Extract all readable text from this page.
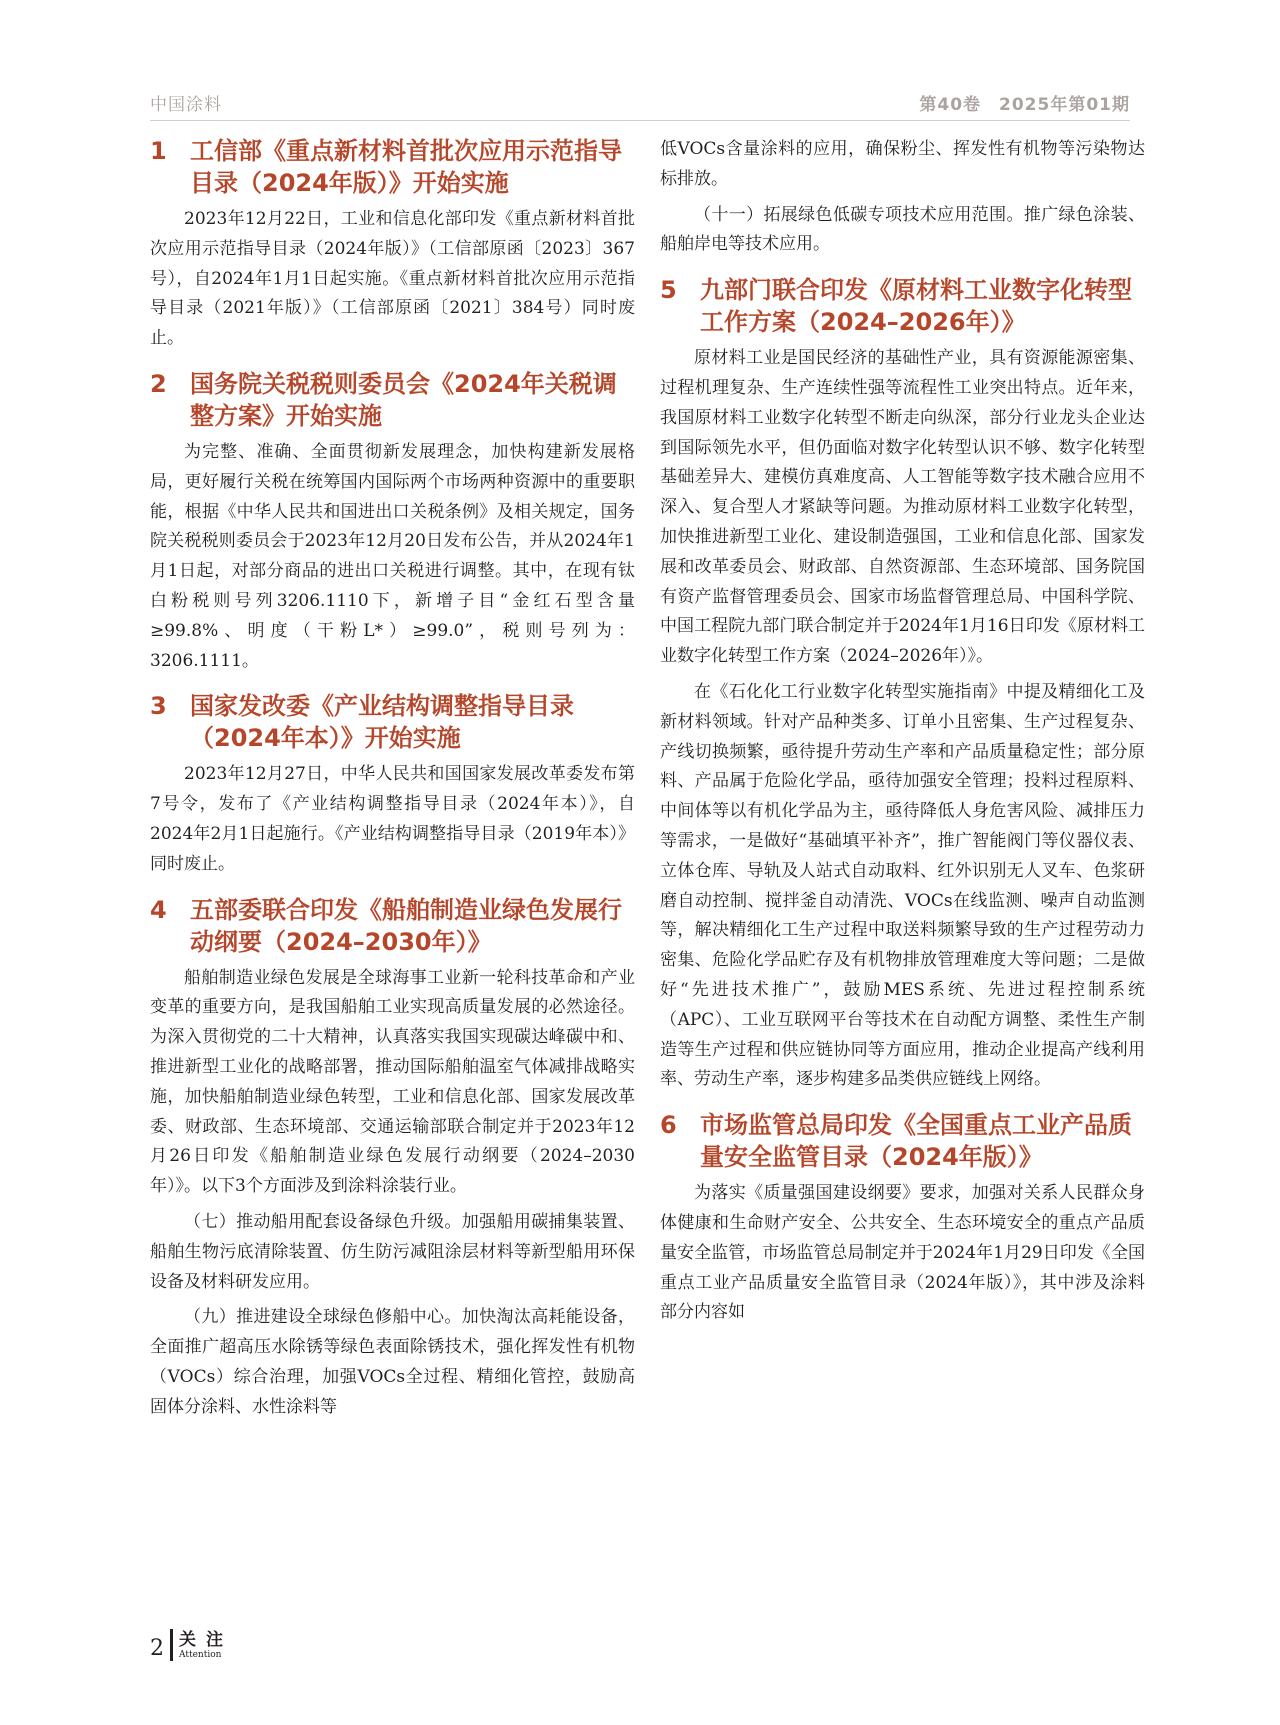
中国涂料	第40卷　2025年第01期
1 工信部《重点新材料首批次应用示范指导目录（2024年版）》开始实施

2023年12月22日，工业和信息化部印发《重点新材料首批次应用示范指导目录（2024年版）》（工信部原函〔2023〕367号），自2024年1月1日起实施。《重点新材料首批次应用示范指导目录（2021年版）》（工信部原函〔2021〕384号）同时废止。

2 国务院关税税则委员会《2024年关税调整方案》开始实施

为完整、准确、全面贯彻新发展理念，加快构建新发展格局，更好履行关税在统筹国内国际两个市场两种资源中的重要职能，根据《中华人民共和国进出口关税条例》及相关规定，国务院关税税则委员会于2023年12月20日发布公告，并从2024年1月1日起，对部分商品的进出口关税进行调整。其中，在现有钛白粉税则号列3206.1110下，新增子目“金红石型含量≥99.8%、明度（干粉L*）≥99.0”，税则号列为：3206.1111。

3 国家发改委《产业结构调整指导目录（2024年本）》开始实施

2023年12月27日，中华人民共和国国家发展改革委发布第7号令，发布了《产业结构调整指导目录（2024年本）》，自2024年2月1日起施行。《产业结构调整指导目录（2019年本）》同时废止。

4 五部委联合印发《船舶制造业绿色发展行动纲要（2024–2030年）》

船舶制造业绿色发展是全球海事工业新一轮科技革命和产业变革的重要方向，是我国船舶工业实现高质量发展的必然途径。为深入贯彻党的二十大精神，认真落实我国实现碳达峰碳中和、推进新型工业化的战略部署，推动国际船舶温室气体减排战略实施，加快船舶制造业绿色转型，工业和信息化部、国家发展改革委、财政部、生态环境部、交通运输部联合制定并于2023年12月26日印发《船舶制造业绿色发展行动纲要（2024–2030年）》。以下3个方面涉及到涂料涂装行业。

（七）推动船用配套设备绿色升级。加强船用碳捕集装置、船舶生物污底清除装置、仿生防污减阻涂层材料等新型船用环保设备及材料研发应用。

（九）推进建设全球绿色修船中心。加快淘汰高耗能设备，全面推广超高压水除锈等绿色表面除锈技术，强化挥发性有机物（VOCs）综合治理，加强VOCs全过程、精细化管控，鼓励高固体分涂料、水性涂料等

低VOCs含量涂料的应用，确保粉尘、挥发性有机物等污染物达标排放。

（十一）拓展绿色低碳专项技术应用范围。推广绿色涂装、船舶岸电等技术应用。

5 九部门联合印发《原材料工业数字化转型工作方案（2024–2026年）》

原材料工业是国民经济的基础性产业，具有资源能源密集、过程机理复杂、生产连续性强等流程性工业突出特点。近年来，我国原材料工业数字化转型不断走向纵深，部分行业龙头企业达到国际领先水平，但仍面临对数字化转型认识不够、数字化转型基础差异大、建模仿真难度高、人工智能等数字技术融合应用不深入、复合型人才紧缺等问题。为推动原材料工业数字化转型，加快推进新型工业化、建设制造强国，工业和信息化部、国家发展和改革委员会、财政部、自然资源部、生态环境部、国务院国有资产监督管理委员会、国家市场监督管理总局、中国科学院、中国工程院九部门联合制定并于2024年1月16日印发《原材料工业数字化转型工作方案（2024–2026年）》。

在《石化化工行业数字化转型实施指南》中提及精细化工及新材料领域。针对产品种类多、订单小且密集、生产过程复杂、产线切换频繁，亟待提升劳动生产率和产品质量稳定性；部分原料、产品属于危险化学品，亟待加强安全管理；投料过程原料、中间体等以有机化学品为主，亟待降低人身危害风险、减排压力等需求，一是做好“基础填平补齐”，推广智能阀门等仪器仪表、立体仓库、导轨及人站式自动取料、红外识别无人叉车、色浆研磨自动控制、搅拌釜自动清洗、VOCs在线监测、噪声自动监测等，解决精细化工生产过程中取送料频繁导致的生产过程劳动力密集、危险化学品贮存及有机物排放管理难度大等问题；二是做好“先进技术推广”，鼓励MES系统、先进过程控制系统（APC）、工业互联网平台等技术在自动配方调整、柔性生产制造等生产过程和供应链协同等方面应用，推动企业提高产线利用率、劳动生产率，逐步构建多品类供应链线上网络。

6 市场监管总局印发《全国重点工业产品质量安全监管目录（2024年版）》

为落实《质量强国建设纲要》要求，加强对关系人民群众身体健康和生命财产安全、公共安全、生态环境安全的重点产品质量安全监管，市场监管总局制定并于2024年1月29日印发《全国重点工业产品质量安全监管目录（2024年版）》，其中涉及涂料部分内容如

2 关注
Attention
